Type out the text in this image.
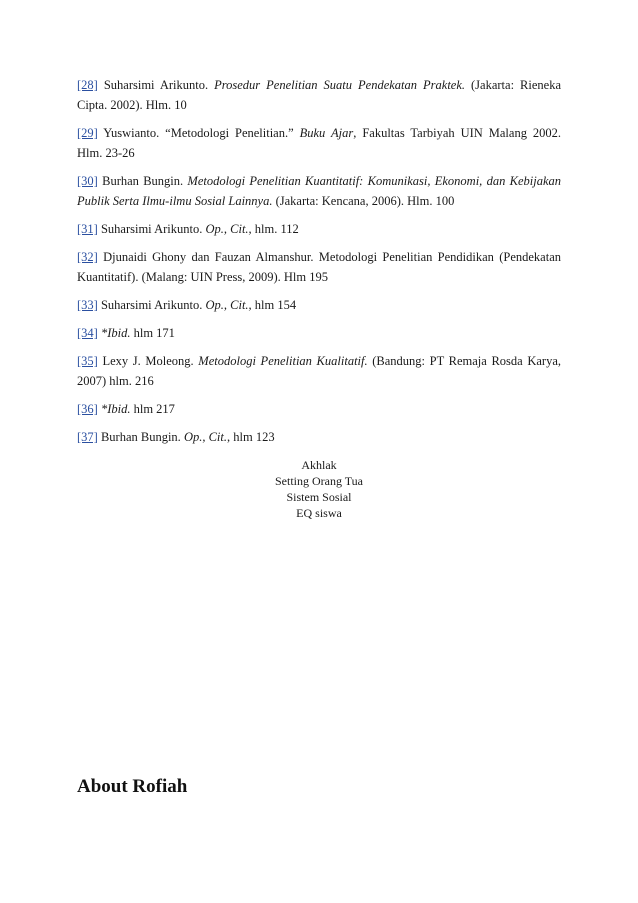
[28] Suharsimi Arikunto. Prosedur Penelitian Suatu Pendekatan Praktek. (Jakarta: Rieneka Cipta. 2002). Hlm. 10

[29] Yuswianto. “Metodologi Penelitian.” Buku Ajar, Fakultas Tarbiyah UIN Malang 2002. Hlm. 23-26

[30] Burhan Bungin. Metodologi Penelitian Kuantitatif: Komunikasi, Ekonomi, dan Kebijakan Publik Serta Ilmu-ilmu Sosial Lainnya. (Jakarta: Kencana, 2006). Hlm. 100

[31] Suharsimi Arikunto. Op., Cit., hlm. 112

[32] Djunaidi Ghony dan Fauzan Almanshur. Metodologi Penelitian Pendidikan (Pendekatan Kuantitatif). (Malang: UIN Press, 2009). Hlm 195

[33] Suharsimi Arikunto. Op., Cit., hlm 154

[34] *Ibid. hlm 171

[35] Lexy J. Moleong. Metodologi Penelitian Kualitatif. (Bandung: PT Remaja Rosda Karya, 2007) hlm. 216

[36] *Ibid. hlm 217

[37] Burhan Bungin. Op., Cit., hlm 123

Akhlak
Setting Orang Tua
Sistem Sosial
EQ siswa
About Rofiah
